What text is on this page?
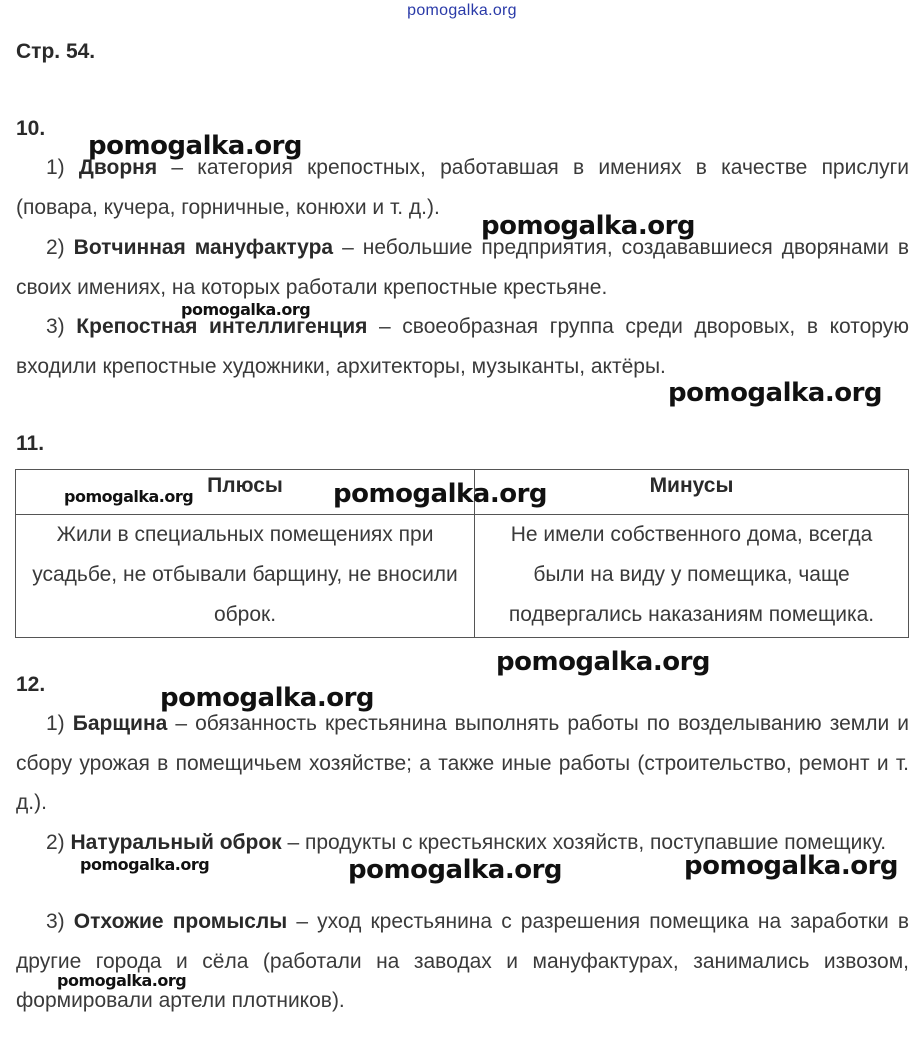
pomogalka.org
Стр. 54.
10.

1) Дворня – категория крепостных, работавшая в имениях в качестве прислуги (повара, кучера, горничные, конюхи и т. д.).

2) Вотчинная мануфактура – небольшие предприятия, создававшиеся дворянами в своих имениях, на которых работали крепостные крестьяне.

3) Крепостная интеллигенция – своеобразная группа среди дворовых, в которую входили крепостные художники, архитекторы, музыканты, актёры.

11.
Плюсы	Минусы
Жили в специальных помещениях при усадьбе, не отбывали барщину, не вносили оброк.	Не имели собственного дома, всегда были на виду у помещика, чаще подвергались наказаниям помещика.
12.

1) Барщина – обязанность крестьянина выполнять работы по возделыванию земли и сбору урожая в помещичьем хозяйстве; а также иные работы (строительство, ремонт и т. д.).

2) Натуральный оброк – продукты с крестьянских хозяйств, поступавшие помещику.

3) Отхожие промыслы – уход крестьянина с разрешения помещика на заработки в другие города и сёла (работали на заводах и мануфактурах, занимались извозом, формировали артели плотников).

pomogalka.org
pomogalka.org
pomogalka.org
pomogalka.org
pomogalka.org	pomogalka.org
pomogalka.org
pomogalka.org
pomogalka.org	pomogalka.org	pomogalka.org
pomogalka.org
